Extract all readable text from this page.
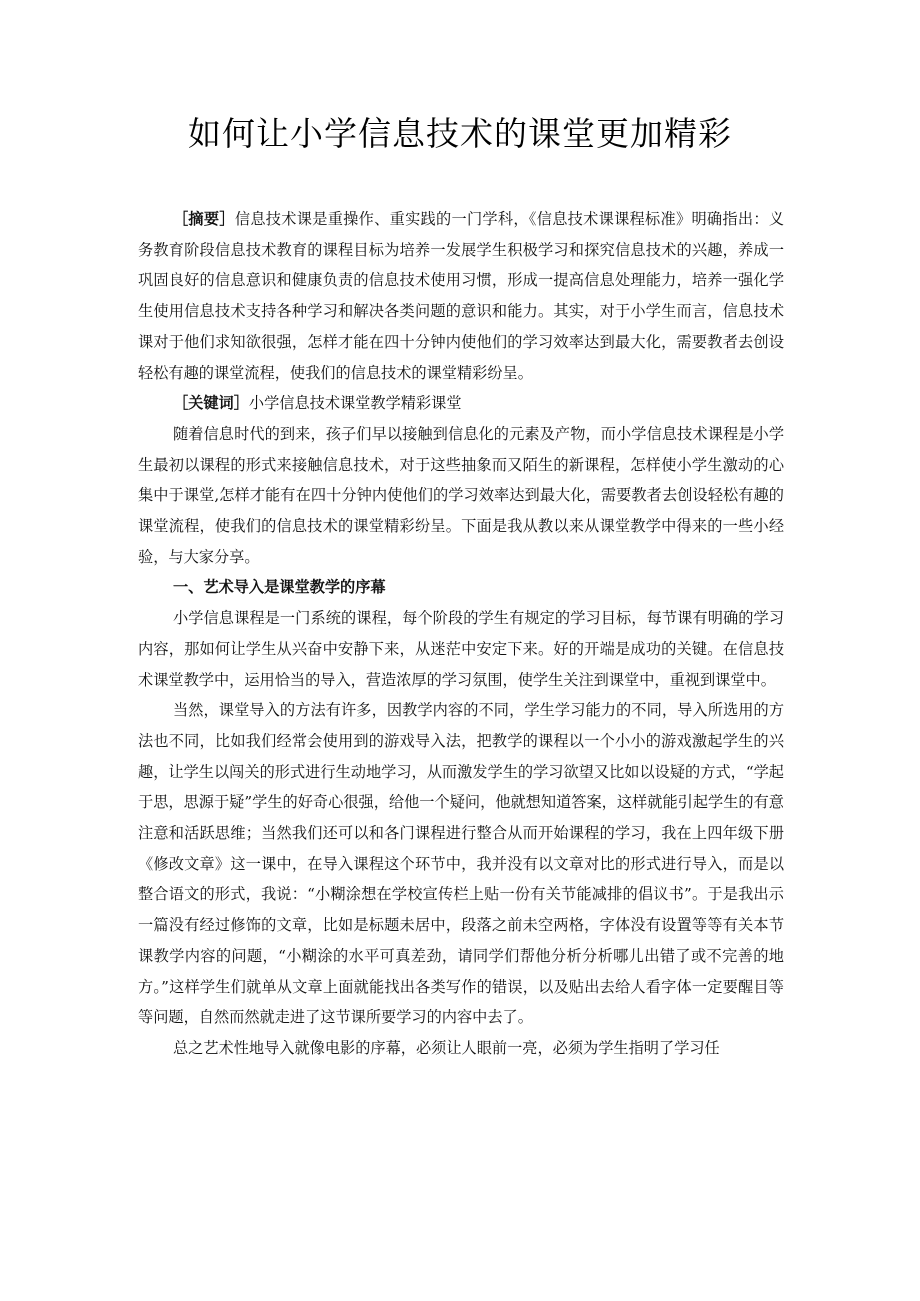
如何让小学信息技术的课堂更加精彩

［摘要］信息技术课是重操作、重实践的一门学科，《信息技术课课程标准》明确指出：义务教育阶段信息技术教育的课程目标为培养一发展学生积极学习和探究信息技术的兴趣，养成一巩固良好的信息意识和健康负责的信息技术使用习惯，形成一提高信息处理能力，培养一强化学生使用信息技术支持各种学习和解决各类问题的意识和能力。其实，对于小学生而言，信息技术课对于他们求知欲很强，怎样才能在四十分钟内使他们的学习效率达到最大化，需要教者去创设轻松有趣的课堂流程，使我们的信息技术的课堂精彩纷呈。

［关键词］小学信息技术课堂教学精彩课堂

随着信息时代的到来，孩子们早以接触到信息化的元素及产物，而小学信息技术课程是小学生最初以课程的形式来接触信息技术，对于这些抽象而又陌生的新课程，怎样使小学生激动的心集中于课堂,怎样才能有在四十分钟内使他们的学习效率达到最大化，需要教者去创设轻松有趣的课堂流程，使我们的信息技术的课堂精彩纷呈。下面是我从教以来从课堂教学中得来的一些小经验，与大家分享。

一、艺术导入是课堂教学的序幕

小学信息课程是一门系统的课程，每个阶段的学生有规定的学习目标，每节课有明确的学习内容，那如何让学生从兴奋中安静下来，从迷茫中安定下来。好的开端是成功的关键。在信息技术课堂教学中，运用恰当的导入，营造浓厚的学习氛围，使学生关注到课堂中，重视到课堂中。

当然，课堂导入的方法有许多，因教学内容的不同，学生学习能力的不同，导入所选用的方法也不同，比如我们经常会使用到的游戏导入法，把教学的课程以一个小小的游戏激起学生的兴趣，让学生以闯关的形式进行生动地学习，从而激发学生的学习欲望又比如以设疑的方式，“学起于思，思源于疑”学生的好奇心很强，给他一个疑问，他就想知道答案，这样就能引起学生的有意注意和活跃思维；当然我们还可以和各门课程进行整合从而开始课程的学习，我在上四年级下册《修改文章》这一课中，在导入课程这个环节中，我并没有以文章对比的形式进行导入，而是以整合语文的形式，我说：“小糊涂想在学校宣传栏上贴一份有关节能减排的倡议书”。于是我出示一篇没有经过修饰的文章，比如是标题未居中，段落之前未空两格，字体没有设置等等有关本节课教学内容的问题，“小糊涂的水平可真差劲，请同学们帮他分析分析哪儿出错了或不完善的地方。”这样学生们就单从文章上面就能找出各类写作的错误，以及贴出去给人看字体一定要醒目等等问题，自然而然就走进了这节课所要学习的内容中去了。

总之艺术性地导入就像电影的序幕，必须让人眼前一亮，必须为学生指明了学习任
